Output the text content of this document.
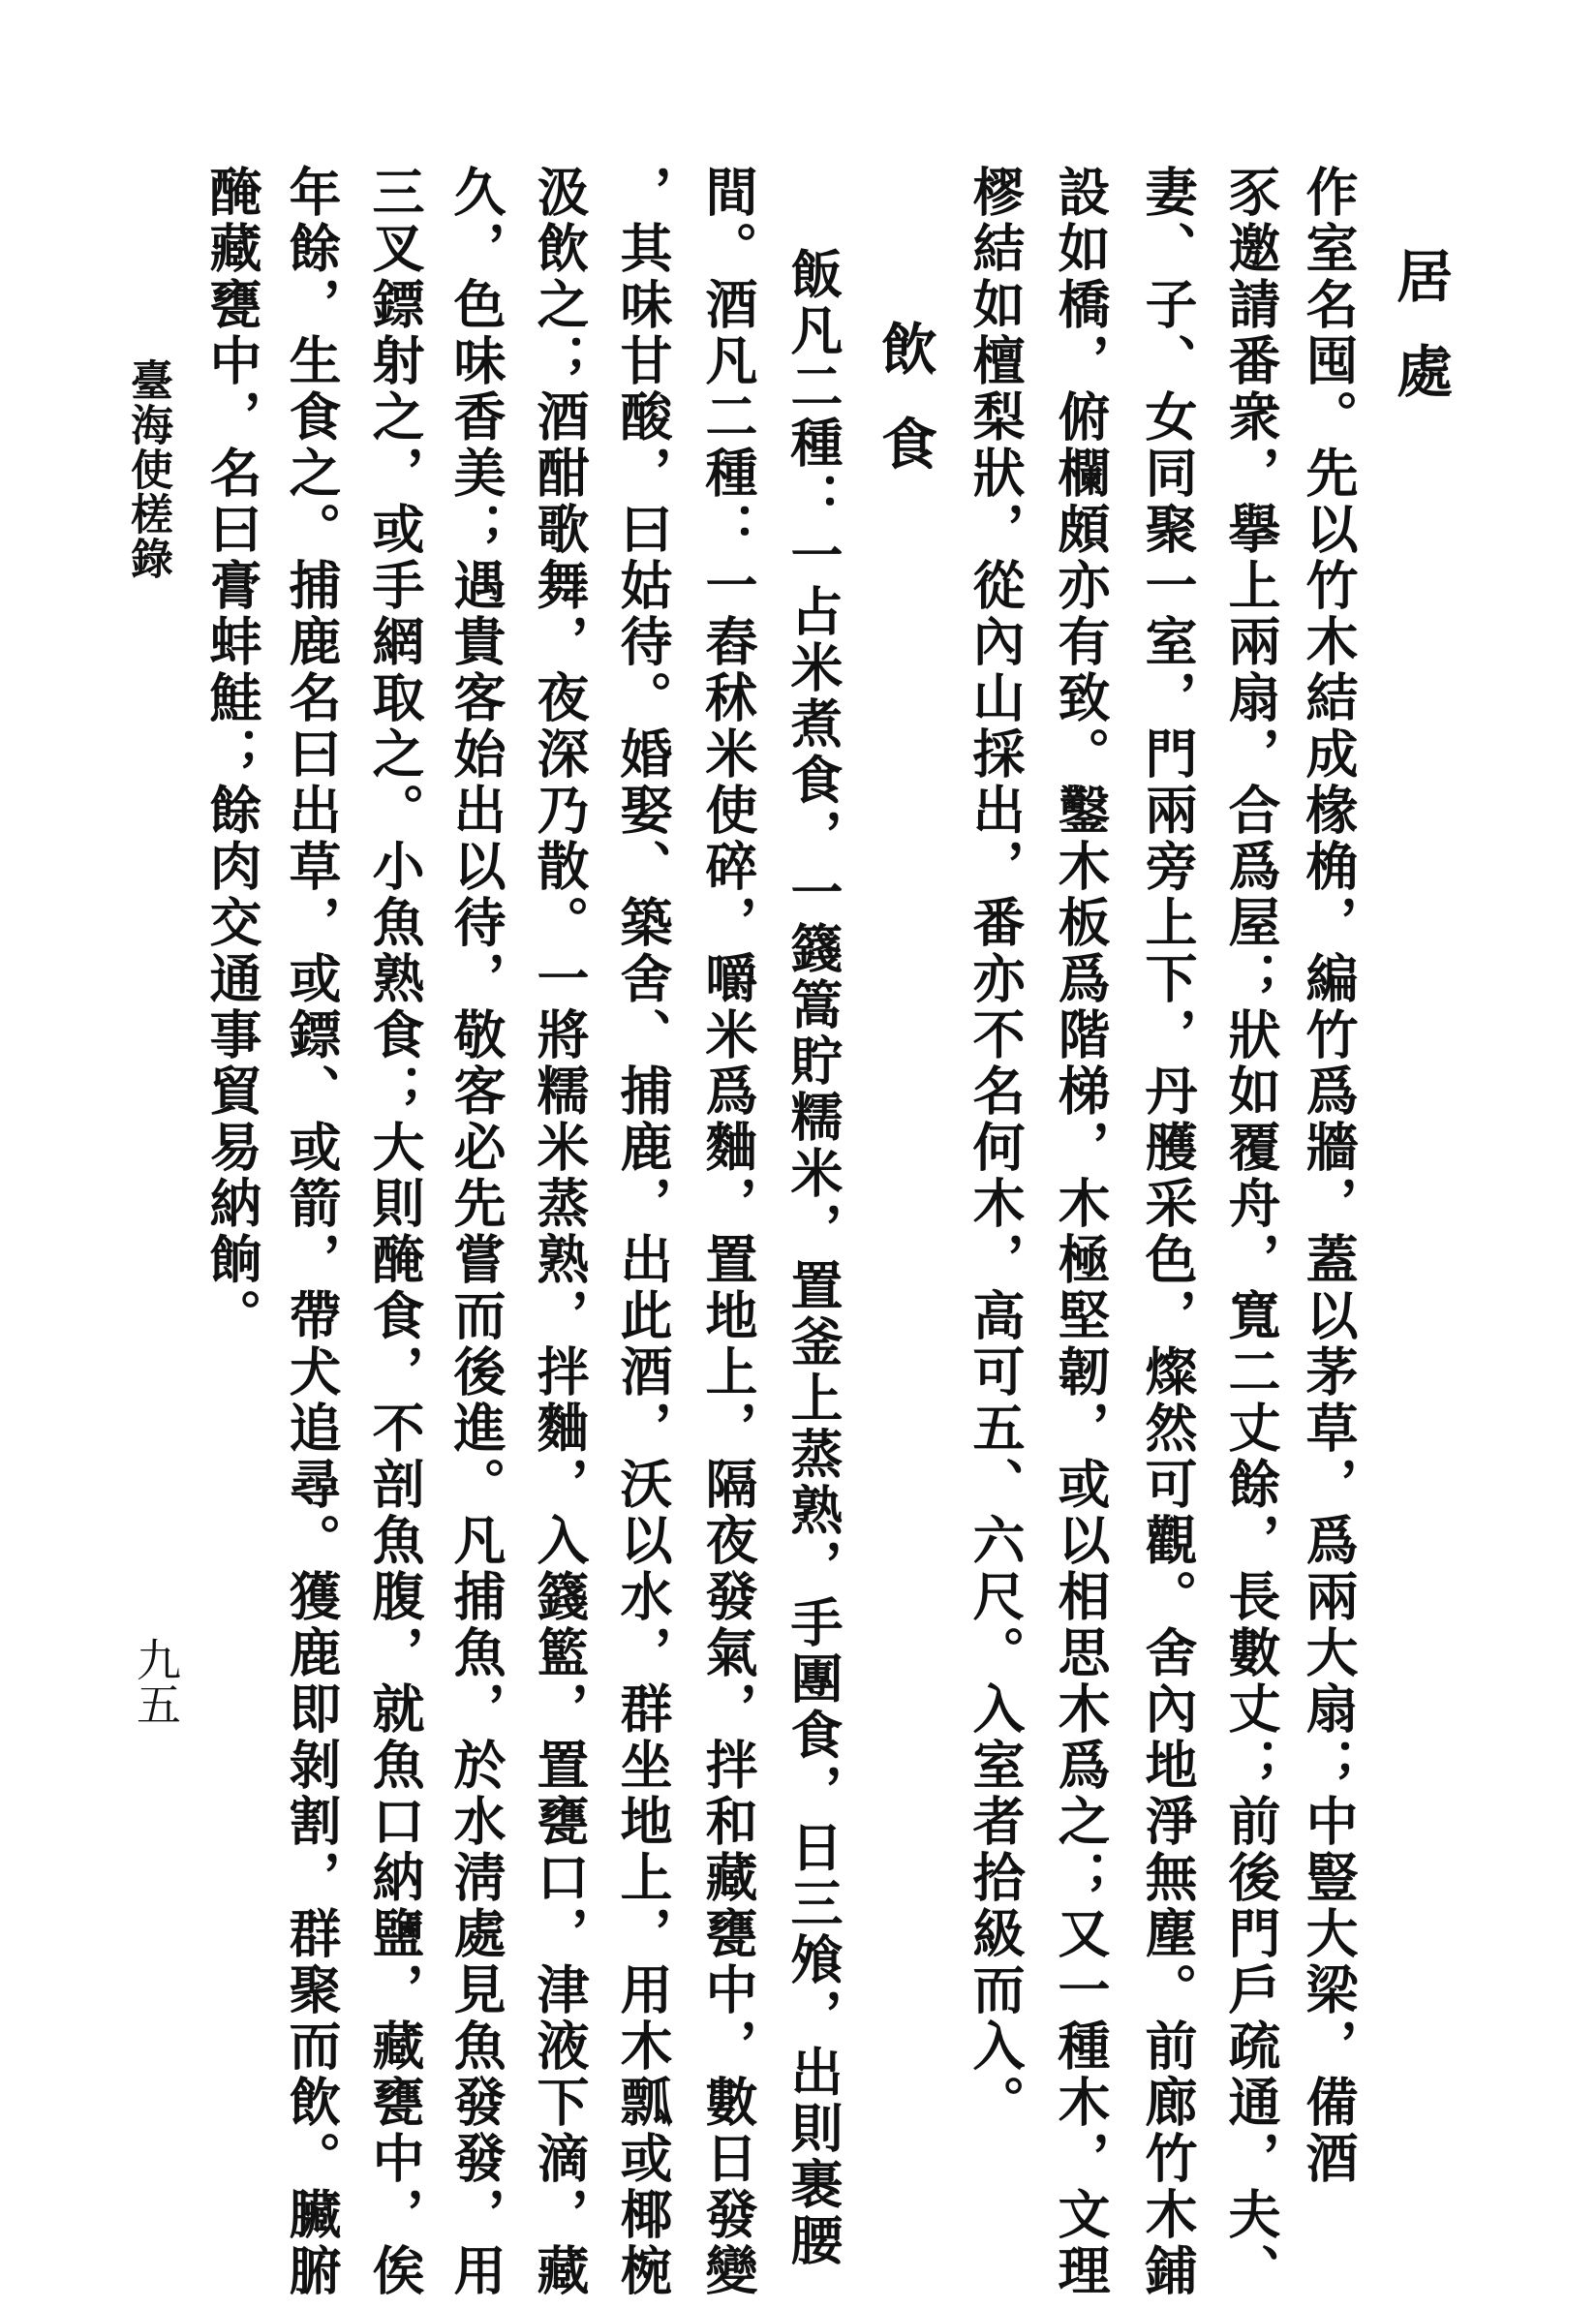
居處
作室名囤。先以竹木結成椽桷，編竹爲牆，蓋以茅草，爲兩大扇；中豎大梁，備酒
豕邀請番衆，擧上兩扇，合爲屋；狀如覆舟，寬二丈餘，長數丈；前後門戶疏通，夫、
妻、子、女同聚一室，門兩旁上下，丹雘采色，燦然可觀。舍內地淨無塵。前廊竹木鋪
設如橋，俯欄頗亦有致。鑿木板爲階梯，木極堅韌，或以相思木爲之；又一種木，文理
樛結如檀梨狀，從內山採出，番亦不名何木，高可五、六尺。入室者拾級而入。
飲食
飯凡二種：一占米煮食，一籛篙貯糯米，置釜上蒸熟，手團食，日三飧，出則裹腰
間。酒凡二種：一舂秫米使碎，嚼米爲麯，置地上，隔夜發氣，拌和藏甕中，數日發變
，其味甘酸，曰姑待。婚娶、築舍、捕鹿，出此酒，沃以水，群坐地上，用木瓢或椰椀
汲飲之；酒酣歌舞，夜深乃散。一將糯米蒸熟，拌麯，入籛籃，置甕口，津液下滴，藏
久，色味香美；遇貴客始出以待，敬客必先嘗而後進。凡捕魚，於水淸處見魚發發，用
三叉鏢射之，或手網取之。小魚熟食；大則醃食，不剖魚腹，就魚口納鹽，藏甕中，俟
年餘，生食之。捕鹿名曰出草，或鏢、或箭，帶犬追尋。獲鹿即剝割，群聚而飲。臟腑
醃藏甕中，名曰膏蚌鮭；餘肉交通事貿易納餉。
臺海使槎錄
九五
